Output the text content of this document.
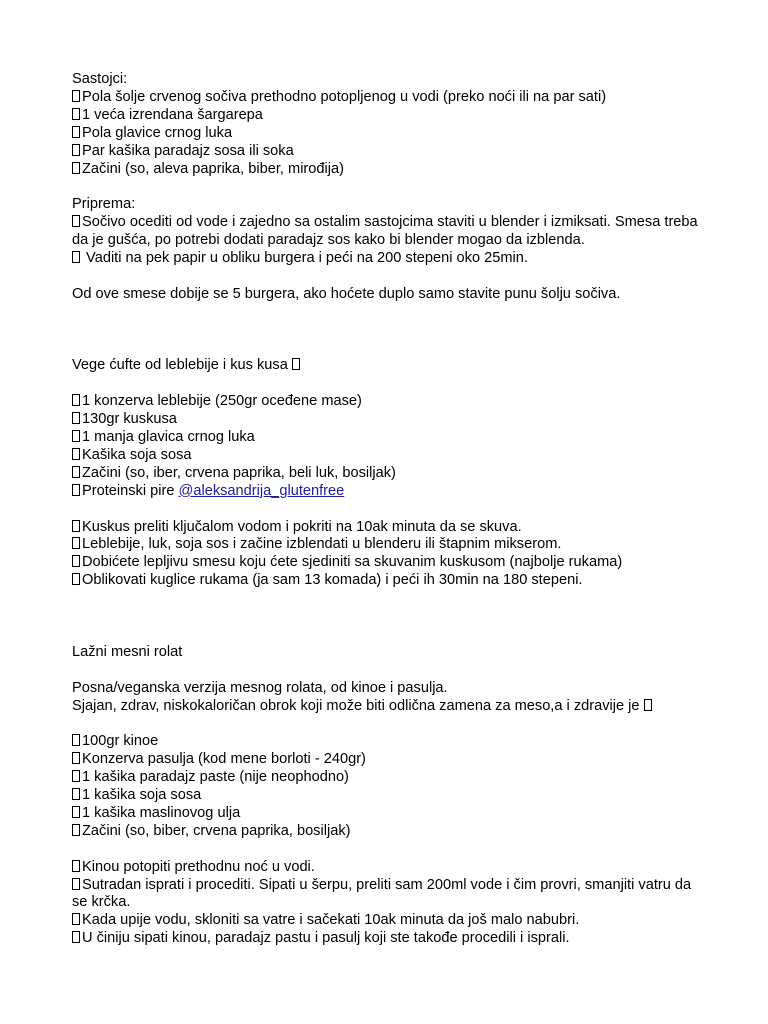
Sastojci:

Pola šolje crvenog sočiva prethodno potopljenog u vodi (preko noći ili na par sati)

1 veća izrendana šargarepa

Pola glavice crnog luka

Par kašika paradajz sosa ili soka

Začini (so, aleva paprika, biber, mirođija)

Priprema:

Sočivo oceditі od vode i zajedno sa ostalim sastojcima staviti u blender i izmiksati. Smesa treba da je gušća, po potrebi dodati paradajz sos kako bi blender mogao da izblenda.

Vaditi na pek papir u obliku burgera i peći na 200 stepeni oko 25min.

Od ove smese dobije se 5 burgera, ako hoćete duplo samo stavite punu šolju sočiva.

Vege ćufte od leblebije i kus kusa

1 konzerva leblebije (250gr oceđene mase)

130gr kuskusa

1 manja glavica crnog luka

Kašika soja sosa

Začini (so, iber, crvena paprika, beli luk, bosiljak)

Proteinski pire @aleksandrija_glutenfree

Kuskus preliti ključalom vodom i pokriti na 10ak minuta da se skuva.

Leblebije, luk, soja sos i začine izblendati u blenderu ili štapnim mikserom.

Dobićete lepljivu smesu koju ćete sjediniti sa skuvanim kuskusom (najbolje rukama)

Oblikovati kuglice rukama (ja sam 13 komada) i peći ih 30min na 180 stepeni.

Lažni mesni rolat

Posna/veganska verzija mesnog rolata, od kinoe i pasulja.

Sjajan, zdrav, niskokaloričan obrok koji može biti odlična zamena za meso,a i zdravije je

100gr kinoe

Konzerva pasulja (kod mene borloti - 240gr)

1 kašika paradajz paste (nije neophodno)

1 kašika soja sosa

1 kašika maslinovog ulja

Začini (so, biber, crvena paprika, bosiljak)

Kinou potopiti prethodnu noć u vodi.

Sutradan isprati i proceditі. Sipati u šerpu, preliti sam 200ml vode i čim provri, smanjiti vatru da se krčka.

Kada upije vodu, skloniti sa vatre i sačekati 10ak minuta da još malo nabubri.

U činiju sipati kinou, paradajz pastu i pasulj koji ste takođe procedili i isprali.
